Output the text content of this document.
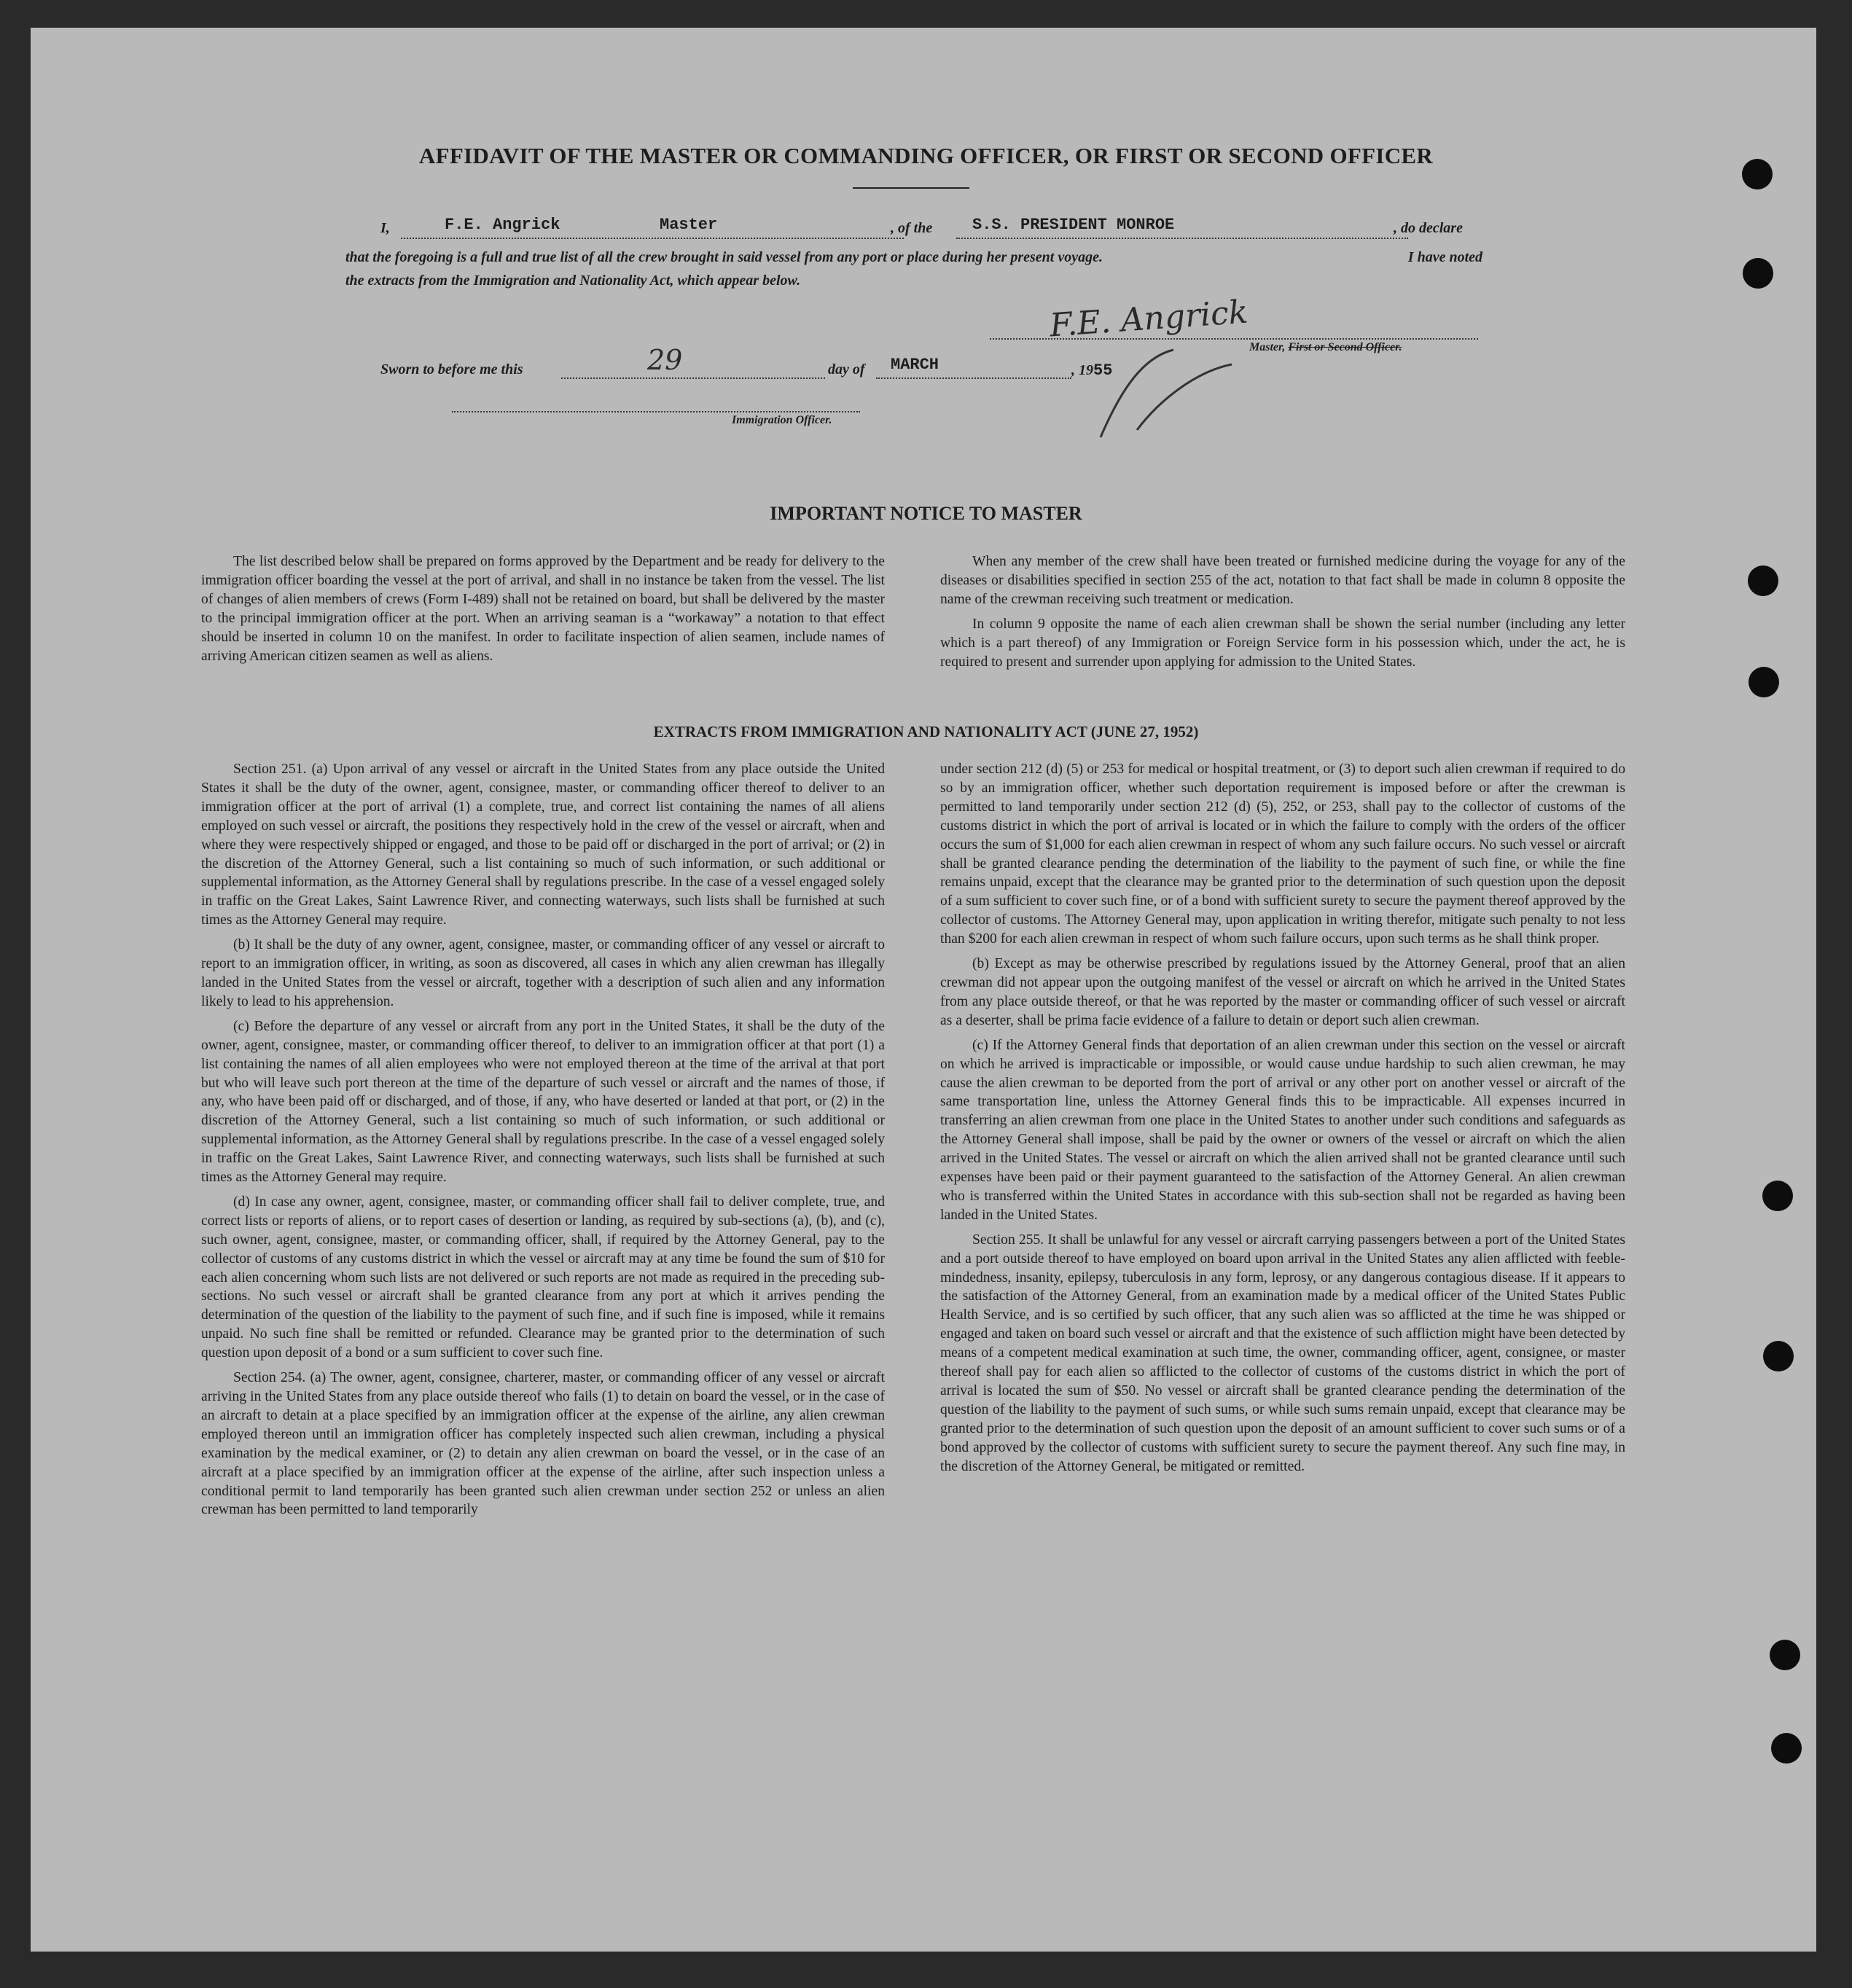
AFFIDAVIT OF THE MASTER OR COMMANDING OFFICER, OR FIRST OR SECOND OFFICER
I,	F.E. Angrick	Master	, of the S.S. PRESIDENT MONROE	, do declare
that the foregoing is a full and true list of all the crew brought in said vessel from any port or place during her present voyage.	I have noted
the extracts from the Immigration and Nationality Act, which appear below.
F.E. Angrick
Master, First or Second Officer.
Sworn to before me this	29	day of MARCH	, 1955
Immigration Officer.
IMPORTANT NOTICE TO MASTER

The list described below shall be prepared on forms approved by the Department and be ready for delivery to the immigration officer boarding the vessel at the port of arrival, and shall in no instance be taken from the vessel. The list of changes of alien members of crews (Form I-489) shall not be retained on board, but shall be delivered by the master to the principal immigration officer at the port. When an arriving seaman is a “workaway” a notation to that effect should be inserted in column 10 on the manifest. In order to facilitate inspection of alien seamen, include names of arriving American citizen seamen as well as aliens.

When any member of the crew shall have been treated or furnished medicine during the voyage for any of the diseases or disabilities specified in section 255 of the act, notation to that fact shall be made in column 8 opposite the name of the crewman receiving such treatment or medication.

In column 9 opposite the name of each alien crewman shall be shown the serial number (including any letter which is a part thereof) of any Immigration or Foreign Service form in his possession which, under the act, he is required to present and surrender upon applying for admission to the United States.

EXTRACTS FROM IMMIGRATION AND NATIONALITY ACT (JUNE 27, 1952)

Section 251. (a) Upon arrival of any vessel or aircraft in the United States from any place outside the United States it shall be the duty of the owner, agent, consignee, master, or commanding officer thereof to deliver to an immigration officer at the port of arrival (1) a complete, true, and correct list containing the names of all aliens employed on such vessel or aircraft, the positions they respectively hold in the crew of the vessel or aircraft, when and where they were respectively shipped or engaged, and those to be paid off or discharged in the port of arrival; or (2) in the discretion of the Attorney General, such a list containing so much of such information, or such additional or supplemental information, as the Attorney General shall by regulations prescribe. In the case of a vessel engaged solely in traffic on the Great Lakes, Saint Lawrence River, and connecting waterways, such lists shall be furnished at such times as the Attorney General may require.

(b) It shall be the duty of any owner, agent, consignee, master, or commanding officer of any vessel or aircraft to report to an immigration officer, in writing, as soon as discovered, all cases in which any alien crewman has illegally landed in the United States from the vessel or aircraft, together with a description of such alien and any information likely to lead to his apprehension.

(c) Before the departure of any vessel or aircraft from any port in the United States, it shall be the duty of the owner, agent, consignee, master, or commanding officer thereof, to deliver to an immigration officer at that port (1) a list containing the names of all alien employees who were not employed thereon at the time of the arrival at that port but who will leave such port thereon at the time of the departure of such vessel or aircraft and the names of those, if any, who have been paid off or discharged, and of those, if any, who have deserted or landed at that port, or (2) in the discretion of the Attorney General, such a list containing so much of such information, or such additional or supplemental information, as the Attorney General shall by regulations prescribe. In the case of a vessel engaged solely in traffic on the Great Lakes, Saint Lawrence River, and connecting waterways, such lists shall be furnished at such times as the Attorney General may require.

(d) In case any owner, agent, consignee, master, or commanding officer shall fail to deliver complete, true, and correct lists or reports of aliens, or to report cases of desertion or landing, as required by sub-sections (a), (b), and (c), such owner, agent, consignee, master, or commanding officer, shall, if required by the Attorney General, pay to the collector of customs of any customs district in which the vessel or aircraft may at any time be found the sum of $10 for each alien concerning whom such lists are not delivered or such reports are not made as required in the preceding sub-sections. No such vessel or aircraft shall be granted clearance from any port at which it arrives pending the determination of the question of the liability to the payment of such fine, and if such fine is imposed, while it remains unpaid. No such fine shall be remitted or refunded. Clearance may be granted prior to the determination of such question upon deposit of a bond or a sum sufficient to cover such fine.

Section 254. (a) The owner, agent, consignee, charterer, master, or commanding officer of any vessel or aircraft arriving in the United States from any place outside thereof who fails (1) to detain on board the vessel, or in the case of an aircraft to detain at a place specified by an immigration officer at the expense of the airline, any alien crewman employed thereon until an immigration officer has completely inspected such alien crewman, including a physical examination by the medical examiner, or (2) to detain any alien crewman on board the vessel, or in the case of an aircraft at a place specified by an immigration officer at the expense of the airline, after such inspection unless a conditional permit to land temporarily has been granted such alien crewman under section 252 or unless an alien crewman has been permitted to land temporarily

under section 212 (d) (5) or 253 for medical or hospital treatment, or (3) to deport such alien crewman if required to do so by an immigration officer, whether such deportation requirement is imposed before or after the crewman is permitted to land temporarily under section 212 (d) (5), 252, or 253, shall pay to the collector of customs of the customs district in which the port of arrival is located or in which the failure to comply with the orders of the officer occurs the sum of $1,000 for each alien crewman in respect of whom any such failure occurs. No such vessel or aircraft shall be granted clearance pending the determination of the liability to the payment of such fine, or while the fine remains unpaid, except that the clearance may be granted prior to the determination of such question upon the deposit of a sum sufficient to cover such fine, or of a bond with sufficient surety to secure the payment thereof approved by the collector of customs. The Attorney General may, upon application in writing therefor, mitigate such penalty to not less than $200 for each alien crewman in respect of whom such failure occurs, upon such terms as he shall think proper.

(b) Except as may be otherwise prescribed by regulations issued by the Attorney General, proof that an alien crewman did not appear upon the outgoing manifest of the vessel or aircraft on which he arrived in the United States from any place outside thereof, or that he was reported by the master or commanding officer of such vessel or aircraft as a deserter, shall be prima facie evidence of a failure to detain or deport such alien crewman.

(c) If the Attorney General finds that deportation of an alien crewman under this section on the vessel or aircraft on which he arrived is impracticable or impossible, or would cause undue hardship to such alien crewman, he may cause the alien crewman to be deported from the port of arrival or any other port on another vessel or aircraft of the same transportation line, unless the Attorney General finds this to be impracticable. All expenses incurred in transferring an alien crewman from one place in the United States to another under such conditions and safeguards as the Attorney General shall impose, shall be paid by the owner or owners of the vessel or aircraft on which the alien arrived in the United States. The vessel or aircraft on which the alien arrived shall not be granted clearance until such expenses have been paid or their payment guaranteed to the satisfaction of the Attorney General. An alien crewman who is transferred within the United States in accordance with this sub-section shall not be regarded as having been landed in the United States.

Section 255. It shall be unlawful for any vessel or aircraft carrying passengers between a port of the United States and a port outside thereof to have employed on board upon arrival in the United States any alien afflicted with feeble-mindedness, insanity, epilepsy, tuberculosis in any form, leprosy, or any dangerous contagious disease. If it appears to the satisfaction of the Attorney General, from an examination made by a medical officer of the United States Public Health Service, and is so certified by such officer, that any such alien was so afflicted at the time he was shipped or engaged and taken on board such vessel or aircraft and that the existence of such affliction might have been detected by means of a competent medical examination at such time, the owner, commanding officer, agent, consignee, or master thereof shall pay for each alien so afflicted to the collector of customs of the customs district in which the port of arrival is located the sum of $50. No vessel or aircraft shall be granted clearance pending the determination of the question of the liability to the payment of such sums, or while such sums remain unpaid, except that clearance may be granted prior to the determination of such question upon the deposit of an amount sufficient to cover such sums or of a bond approved by the collector of customs with sufficient surety to secure the payment thereof. Any such fine may, in the discretion of the Attorney General, be mitigated or remitted.
